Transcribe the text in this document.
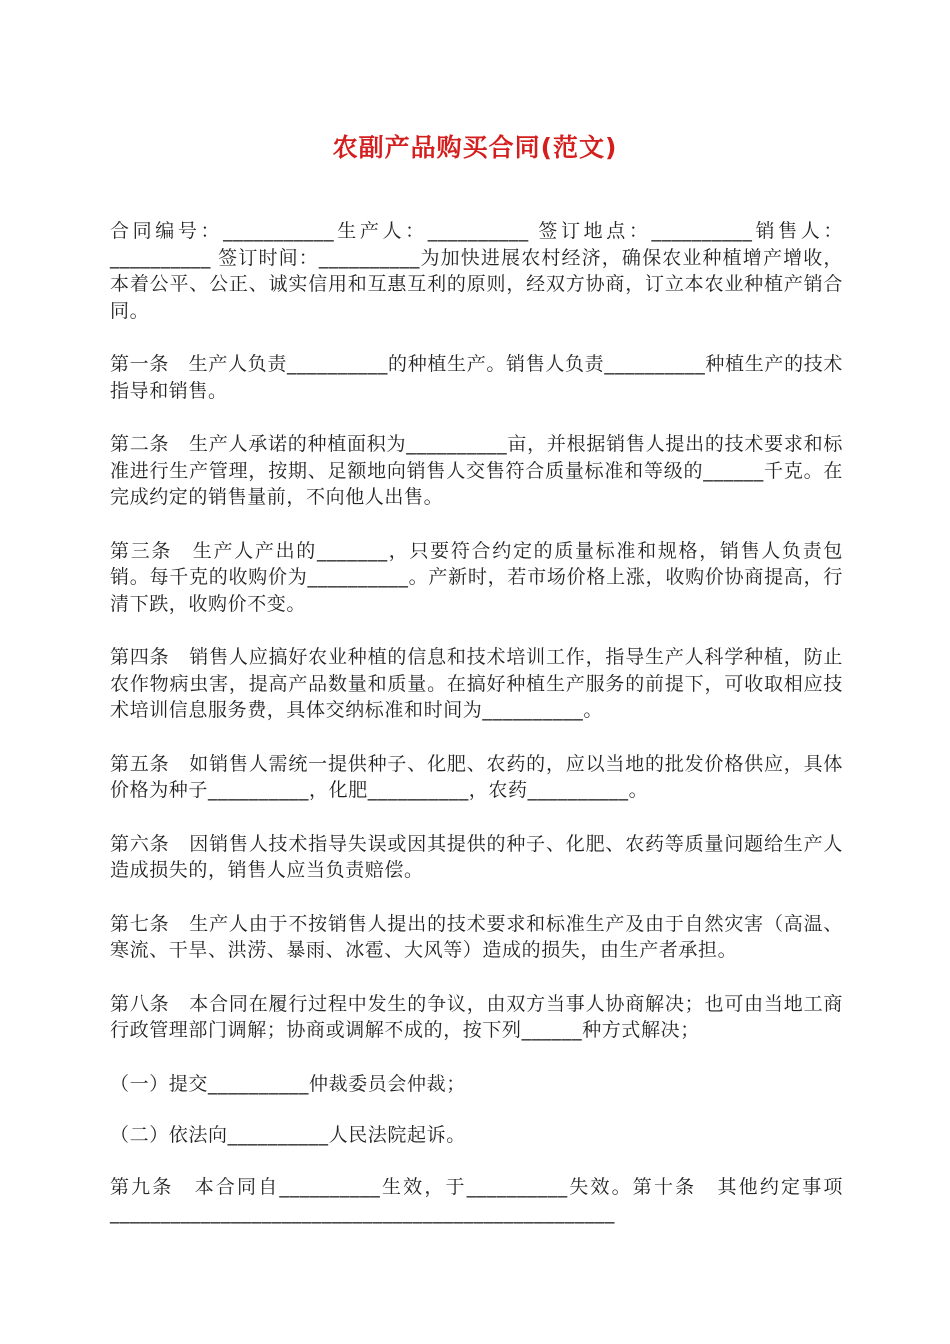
农副产品购买合同(范文)

合同编号：___________生产人：__________ 签订地点：__________销售人：__________ 签订时间：__________为加快进展农村经济，确保农业种植增产增收，本着公平、公正、诚实信用和互惠互利的原则，经双方协商，订立本农业种植产销合同。

第一条　生产人负责__________的种植生产。销售人负责__________种植生产的技术指导和销售。

第二条　生产人承诺的种植面积为__________亩，并根据销售人提出的技术要求和标准进行生产管理，按期、足额地向销售人交售符合质量标准和等级的______千克。在完成约定的销售量前，不向他人出售。

第三条　生产人产出的_______，只要符合约定的质量标准和规格，销售人负责包销。每千克的收购价为__________。产新时，若市场价格上涨，收购价协商提高，行清下跌，收购价不变。

第四条　销售人应搞好农业种植的信息和技术培训工作，指导生产人科学种植，防止农作物病虫害，提高产品数量和质量。在搞好种植生产服务的前提下，可收取相应技术培训信息服务费，具体交纳标准和时间为__________。

第五条　如销售人需统一提供种子、化肥、农药的，应以当地的批发价格供应，具体价格为种子__________，化肥__________，农药__________。

第六条　因销售人技术指导失误或因其提供的种子、化肥、农药等质量问题给生产人造成损失的，销售人应当负责赔偿。

第七条　生产人由于不按销售人提出的技术要求和标准生产及由于自然灾害（高温、寒流、干旱、洪涝、暴雨、冰雹、大风等）造成的损失，由生产者承担。

第八条　本合同在履行过程中发生的争议，由双方当事人协商解决；也可由当地工商行政管理部门调解；协商或调解不成的，按下列______种方式解决；

（一）提交__________仲裁委员会仲裁；

（二）依法向__________人民法院起诉。

第九条　本合同自__________生效，于__________失效。第十条　其他约定事项__________________________________________________
